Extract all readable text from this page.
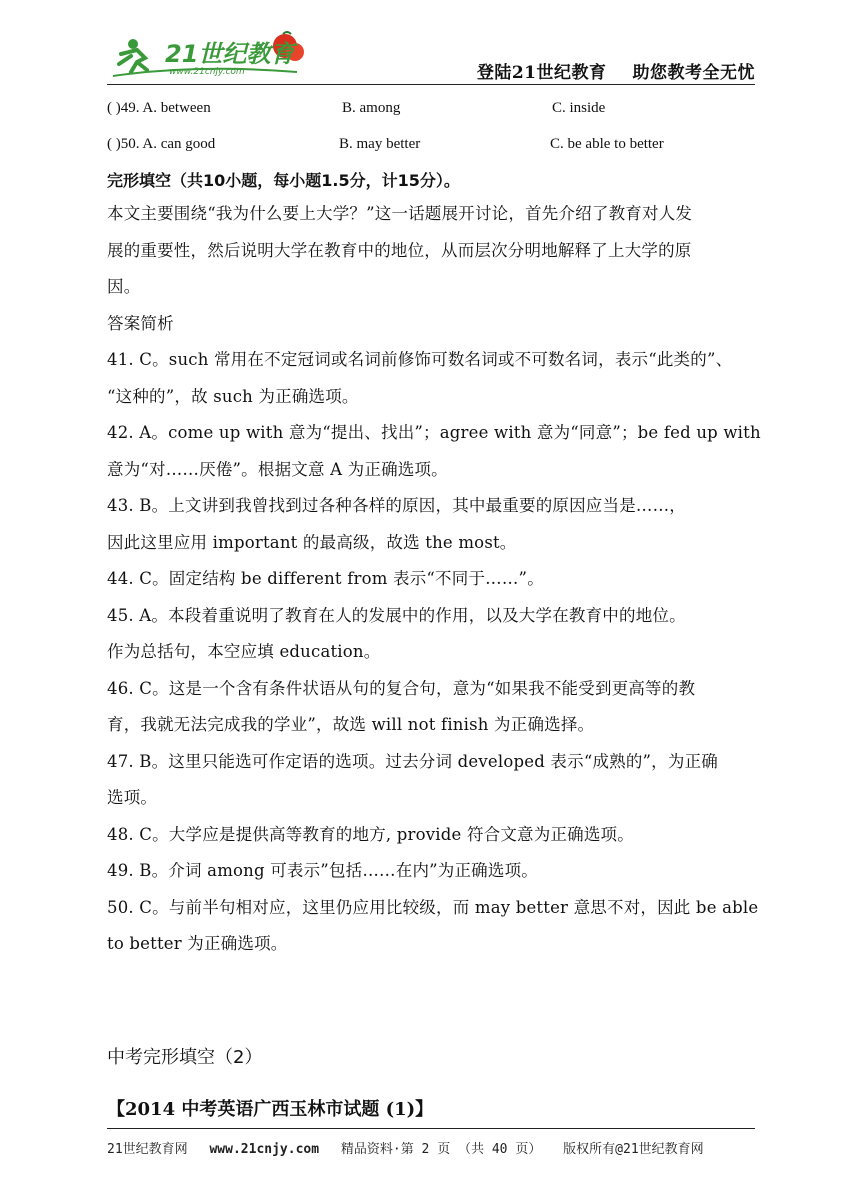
21世纪教育
www.21cnjy.com	登陆21世纪教育 助您教考全无忧
( )49. A. between	B. among	C. inside
( )50. A. can good	B. may better	C. be able to better
完形填空（共10小题，每小题1.5分，计15分）。
本文主要围绕“我为什么要上大学？”这一话题展开讨论，首先介绍了教育对人发
展的重要性，然后说明大学在教育中的地位，从而层次分明地解释了上大学的原
因。
答案简析
41. C。such 常用在不定冠词或名词前修饰可数名词或不可数名词，表示“此类的”、
“这种的”，故 such 为正确选项。
42. A。come up with 意为“提出、找出”；agree with 意为“同意”；be fed up with
意为“对……厌倦”。根据文意 A 为正确选项。
43. B。上文讲到我曾找到过各种各样的原因，其中最重要的原因应当是……，
因此这里应用 important 的最高级，故选 the most。
44. C。固定结构 be different from 表示“不同于……”。
45. A。本段着重说明了教育在人的发展中的作用，以及大学在教育中的地位。
作为总括句，本空应填 education。
46. C。这是一个含有条件状语从句的复合句，意为“如果我不能受到更高等的教
育，我就无法完成我的学业”，故选 will not finish 为正确选择。
47. B。这里只能选可作定语的选项。过去分词 developed 表示“成熟的”，为正确
选项。
48. C。大学应是提供高等教育的地方, provide 符合文意为正确选项。
49. B。介词 among 可表示”包括……在内”为正确选项。
50. C。与前半句相对应，这里仍应用比较级，而 may better 意思不对，因此 be able
to better 为正确选项。
中考完形填空（2）
【2014 中考英语广西玉林市试题 (1)】
21世纪教育网 www.21cnjy.com 精品资料·第 2 页 （共 40 页） 版权所有@21世纪教育网
